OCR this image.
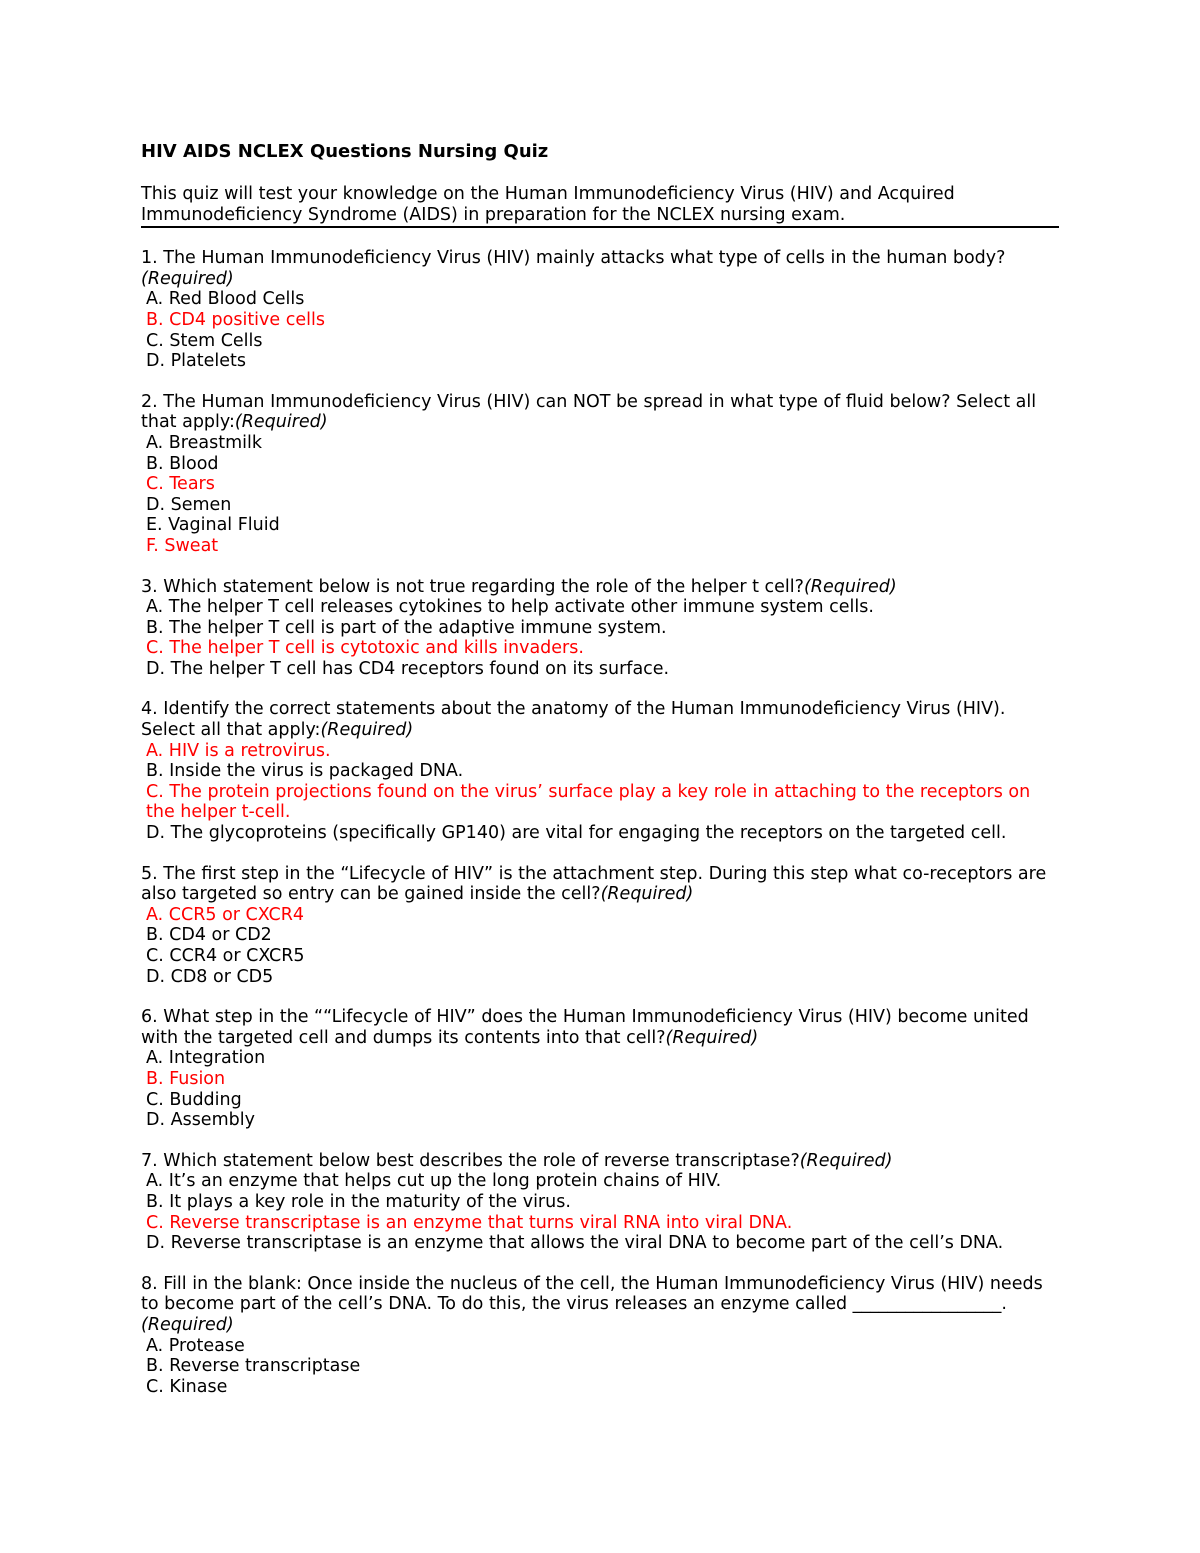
HIV AIDS NCLEX Questions Nursing Quiz

This quiz will test your knowledge on the Human Immunodeficiency Virus (HIV) and Acquired Immunodeficiency Syndrome (AIDS) in preparation for the NCLEX nursing exam.

1. The Human Immunodeficiency Virus (HIV) mainly attacks what type of cells in the human body?(Required)

A. Red Blood Cells

B. CD4 positive cells

C. Stem Cells

D. Platelets

2. The Human Immunodeficiency Virus (HIV) can NOT be spread in what type of fluid below? Select all that apply:(Required)

A. Breastmilk

B. Blood

C. Tears

D. Semen

E. Vaginal Fluid

F. Sweat

3. Which statement below is not true regarding the role of the helper t cell?(Required)

A. The helper T cell releases cytokines to help activate other immune system cells.

B. The helper T cell is part of the adaptive immune system.

C. The helper T cell is cytotoxic and kills invaders.

D. The helper T cell has CD4 receptors found on its surface.

4. Identify the correct statements about the anatomy of the Human Immunodeficiency Virus (HIV). Select all that apply:(Required)

A. HIV is a retrovirus.

B. Inside the virus is packaged DNA.

C. The protein projections found on the virus’ surface play a key role in attaching to the receptors on the helper t-cell.

D. The glycoproteins (specifically GP140) are vital for engaging the receptors on the targeted cell.

5. The first step in the “Lifecycle of HIV” is the attachment step. During this step what co-receptors are also targeted so entry can be gained inside the cell?(Required)

A. CCR5 or CXCR4

B. CD4 or CD2

C. CCR4 or CXCR5

D. CD8 or CD5

6. What step in the ““Lifecycle of HIV” does the Human Immunodeficiency Virus (HIV) become united with the targeted cell and dumps its contents into that cell?(Required)

A. Integration

B. Fusion

C. Budding

D. Assembly

7. Which statement below best describes the role of reverse transcriptase?(Required)

A. It’s an enzyme that helps cut up the long protein chains of HIV.

B. It plays a key role in the maturity of the virus.

C. Reverse transcriptase is an enzyme that turns viral RNA into viral DNA.

D. Reverse transcriptase is an enzyme that allows the viral DNA to become part of the cell’s DNA.

8. Fill in the blank: Once inside the nucleus of the cell, the Human Immunodeficiency Virus (HIV) needs to become part of the cell’s DNA. To do this, the virus releases an enzyme called _________________.(Required)

A. Protease

B. Reverse transcriptase

C. Kinase
